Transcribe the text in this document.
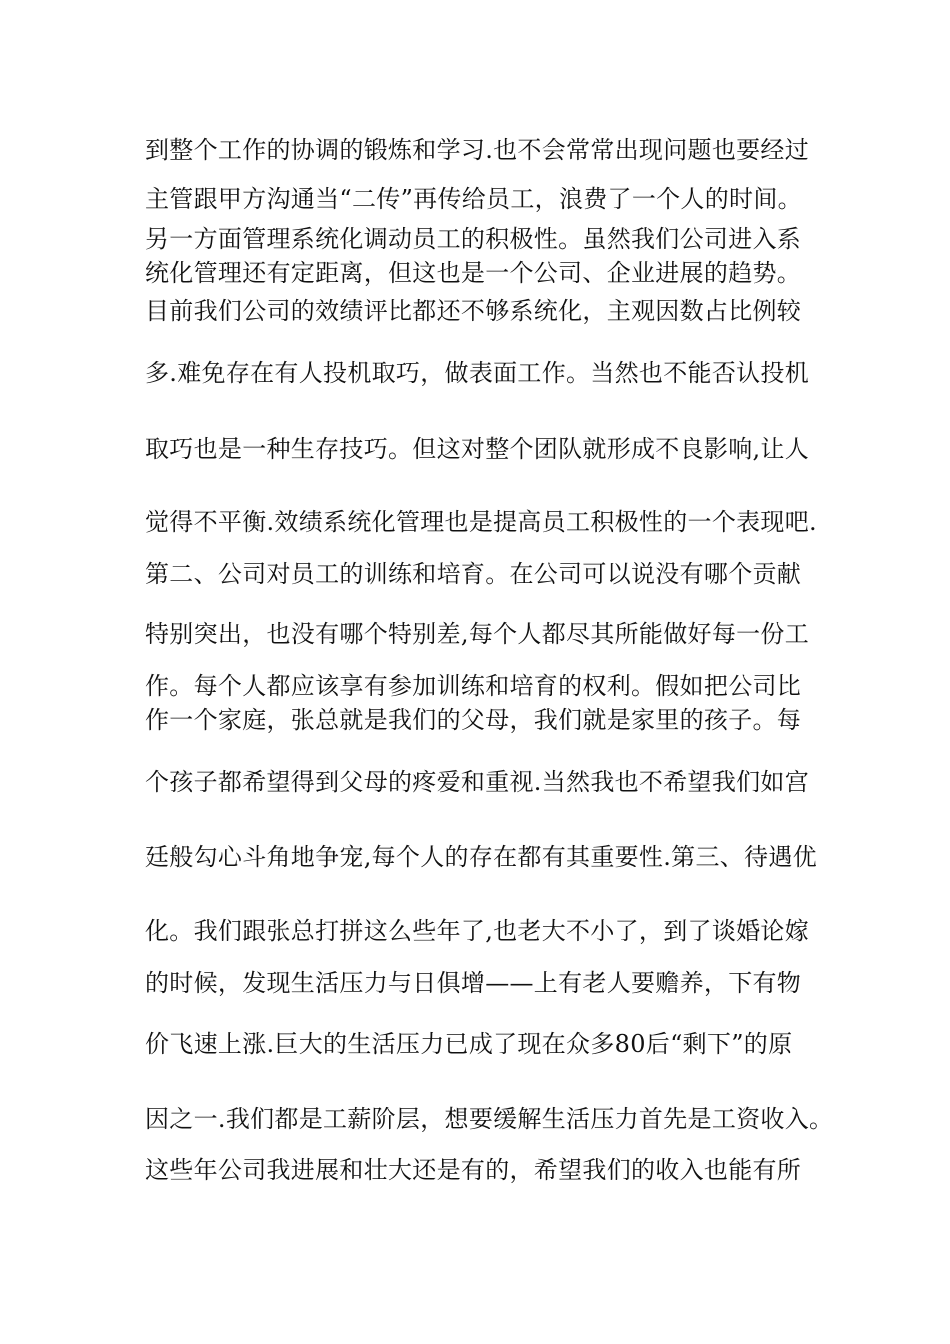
到整个工作的协调的锻炼和学习.也不会常常出现问题也要经过
主管跟甲方沟通当“二传”再传给员工，浪费了一个人的时间。
另一方面管理系统化调动员工的积极性。虽然我们公司进入系
统化管理还有定距离，但这也是一个公司、企业进展的趋势。
目前我们公司的效绩评比都还不够系统化，主观因数占比例较
多.难免存在有人投机取巧，做表面工作。当然也不能否认投机
取巧也是一种生存技巧。但这对整个团队就形成不良影响,让人
觉得不平衡.效绩系统化管理也是提高员工积极性的一个表现吧.
第二、公司对员工的训练和培育。在公司可以说没有哪个贡献
特别突出，也没有哪个特别差,每个人都尽其所能做好每一份工
作。每个人都应该享有参加训练和培育的权利。假如把公司比
作一个家庭，张总就是我们的父母，我们就是家里的孩子。每
个孩子都希望得到父母的疼爱和重视.当然我也不希望我们如宫
廷般勾心斗角地争宠,每个人的存在都有其重要性.第三、待遇优
化。我们跟张总打拼这么些年了,也老大不小了，到了谈婚论嫁
的时候，发现生活压力与日俱增——上有老人要赡养，下有物
价飞速上涨.巨大的生活压力已成了现在众多80后“剩下”的原
因之一.我们都是工薪阶层，想要缓解生活压力首先是工资收入。
这些年公司我进展和壮大还是有的，希望我们的收入也能有所
